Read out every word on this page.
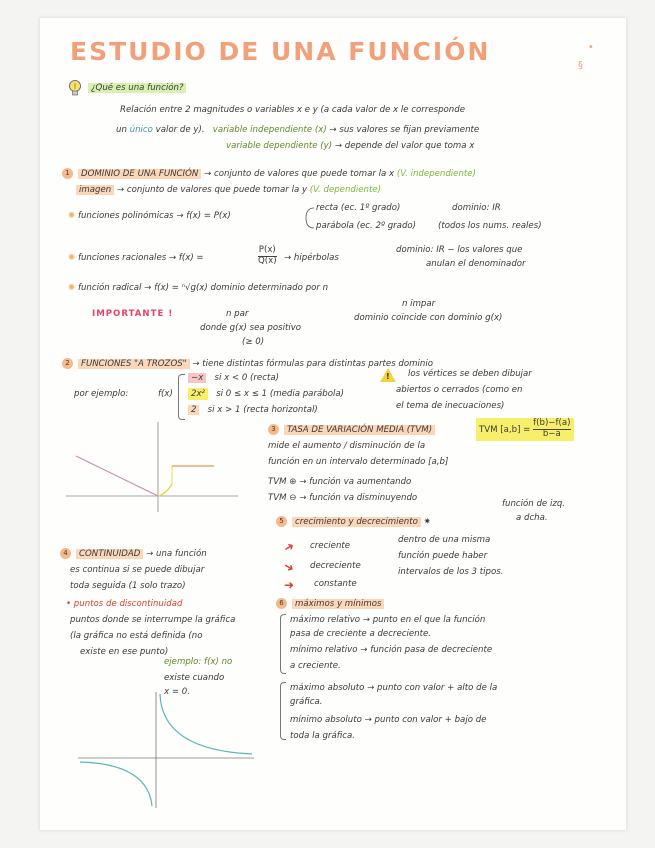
ESTUDIO DE UNA FUNCIÓN	•
§
¿Qué es una función?
Relación entre 2 magnitudes o variables x e y (a cada valor de x le corresponde
un único valor de y). variable independiente (x) → sus valores se fijan previamente
variable dependiente (y) → depende del valor que toma x
1 DOMINIO DE UNA FUNCIÓN → conjunto de valores que puede tomar la x (V. independiente)
imagen → conjunto de valores que puede tomar la y (V. dependiente)
✺ funciones polinómicas → f(x) = P(x)
recta (ec. 1º grado)
parábola (ec. 2º grado)
dominio: IR
(todos los nums. reales)
✺ funciones racionales → f(x) =
P(x)
Q(x) → hipérbolas
dominio: IR − los valores que
anulan el denominador
✺ función radical → f(x) = ⁿ√g(x) dominio determinado por n
IMPORTANTE !	n par
donde g(x) sea positivo
(≥ 0)
n impar
dominio coincide con dominio g(x)
2 FUNCIONES "A TROZOS" → tiene distintas fórmulas para distintas partes dominio
por ejemplo:	f(x)
−x si x < 0 (recta)
2x² si 0 ≤ x ≤ 1 (media parábola)
2 si x > 1 (recta horizontal)
! los vértices se deben dibujar
abiertos o cerrados (como en
el tema de inecuaciones)
3 TASA DE VARIACIÓN MEDIA (TVM)	TVM $[a,b] = \frac{f(b)-f(a)}{b-a}$
mide el aumento / disminución de la
función en un intervalo determinado [a,b]
TVM ⊕ → función va aumentando
TVM ⊖ → función va disminuyendo
5 crecimiento y decrecimiento ✷
función de izq.
a dcha.
➜ creciente
➜ decreciente
➜ constante
dentro de una misma
función puede haber
intervalos de los 3 tipos.
4 CONTINUIDAD → una función
es continua si se puede dibujar
toda seguida (1 solo trazo)
• puntos de discontinuidad
puntos donde se interrumpe la gráfica
(la gráfica no está definida (no
existe en ese punto)
ejemplo: f(x) no
existe cuando
x = 0.
6 máximos y mínimos
máximo relativo → punto en el que la función
pasa de creciente a decreciente.
mínimo relativo → función pasa de decreciente
a creciente.
máximo absoluto → punto con valor + alto de la
gráfica.
mínimo absoluto → punto con valor + bajo de
toda la gráfica.
